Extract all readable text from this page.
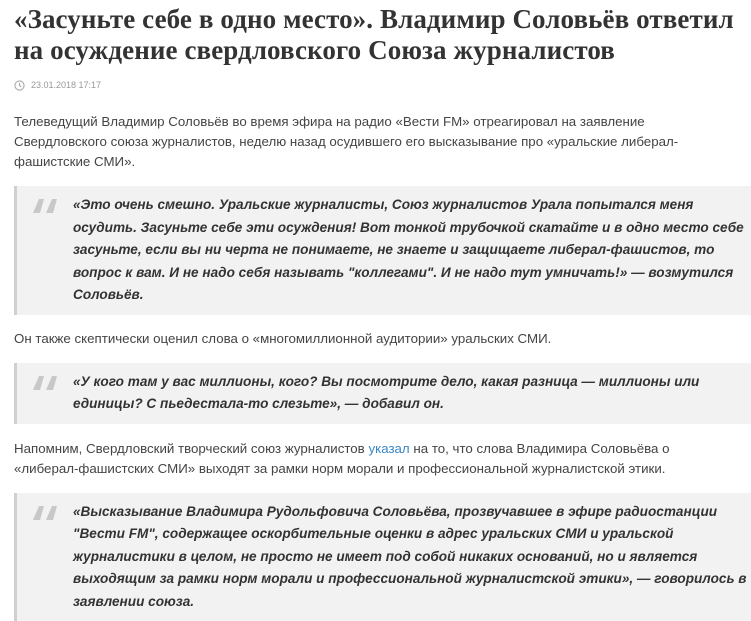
«Засуньте себе в одно место». Владимир Соловьёв ответил на осуждение свердловского Союза журналистов
23.01.2018 17:17

Телеведущий Владимир Соловьёв во время эфира на радио «Вести FM» отреагировал на заявление Свердловского союза журналистов, неделю назад осудившего его высказывание про «уральские либерал-фашистские СМИ».

«Это очень смешно. Уральские журналисты, Союз журналистов Урала попытался меня осудить. Засуньте себе эти осуждения! Вот тонкой трубочкой скатайте и в одно место себе засуньте, если вы ни черта не понимаете, не знаете и защищаете либерал-фашистов, то вопрос к вам. И не надо себя называть "коллегами". И не надо тут умничать!» — возмутился Соловьёв.

Он также скептически оценил слова о «многомиллионной аудитории» уральских СМИ.

«У кого там у вас миллионы, кого? Вы посмотрите дело, какая разница — миллионы или единицы? С пьедестала-то слезьте», — добавил он.

Напомним, Свердловский творческий союз журналистов указал на то, что слова Владимира Соловьёва о «либерал-фашистских СМИ» выходят за рамки норм морали и профессиональной журналистской этики.

«Высказывание Владимира Рудольфовича Соловьёва, прозвучавшее в эфире радиостанции "Вести FM", содержащее оскорбительные оценки в адрес уральских СМИ и уральской журналистики в целом, не просто не имеет под собой никаких оснований, но и является выходящим за рамки норм морали и профессиональной журналистской этики», — говорилось в заявлении союза.
